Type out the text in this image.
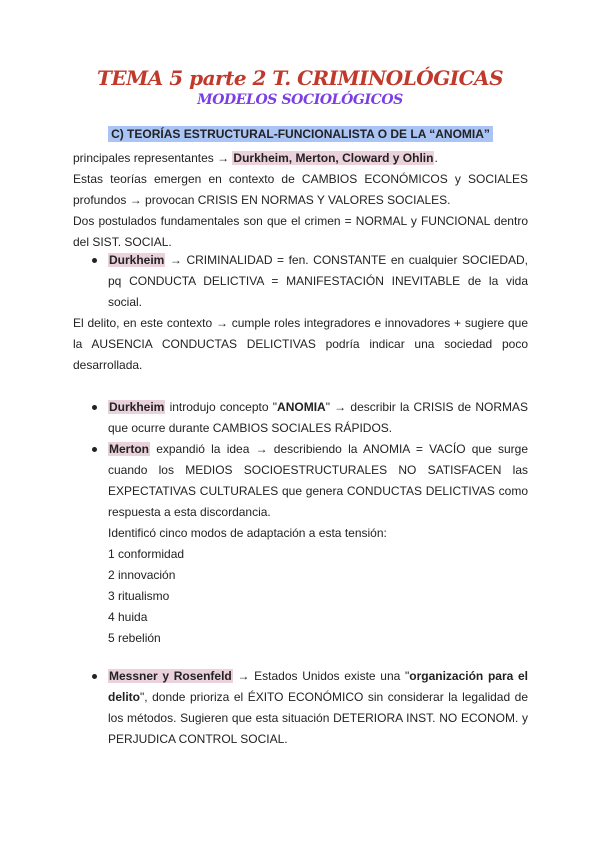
TEMA 5 parte 2 T. CRIMINOLÓGICAS
MODELOS SOCIOLÓGICOS
C) TEORÍAS ESTRUCTURAL-FUNCIONALISTA O DE LA “ANOMIA”

principales representantes → Durkheim, Merton, Cloward y Ohlin.

Estas teorías emergen en contexto de CAMBIOS ECONÓMICOS y SOCIALES profundos → provocan CRISIS EN NORMAS Y VALORES SOCIALES.

Dos postulados fundamentales son que el crimen = NORMAL y FUNCIONAL dentro del SIST. SOCIAL.

Durkheim → CRIMINALIDAD = fen. CONSTANTE en cualquier SOCIEDAD, pq CONDUCTA DELICTIVA = MANIFESTACIÓN INEVITABLE de la vida social.

El delito, en este contexto → cumple roles integradores e innovadores + sugiere que la AUSENCIA CONDUCTAS DELICTIVAS podría indicar una sociedad poco desarrollada.

Durkheim introdujo concepto "ANOMIA" → describir la CRISIS de NORMAS que ocurre durante CAMBIOS SOCIALES RÁPIDOS.
Merton expandió la idea → describiendo la ANOMIA = VACÍO que surge cuando los MEDIOS SOCIOESTRUCTURALES NO SATISFACEN las EXPECTATIVAS CULTURALES que genera CONDUCTAS DELICTIVAS como respuesta a esta discordancia.
Identificó cinco modos de adaptación a esta tensión:
1 conformidad
2 innovación
3 ritualismo
4 huida
5 rebelión
Messner y Rosenfeld → Estados Unidos existe una "organización para el delito", donde prioriza el ÉXITO ECONÓMICO sin considerar la legalidad de los métodos. Sugieren que esta situación DETERIORA INST. NO ECONOM. y PERJUDICA CONTROL SOCIAL.
